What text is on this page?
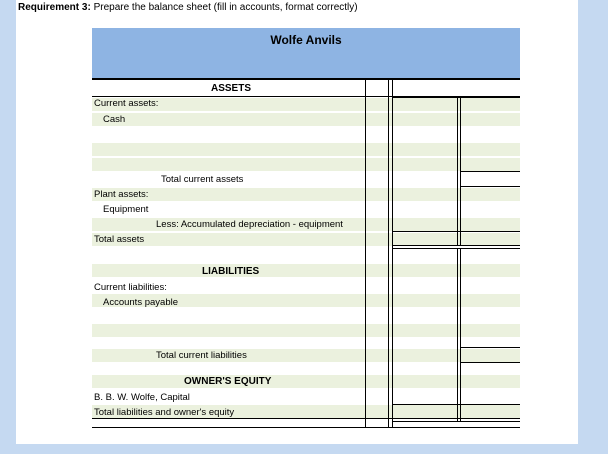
Requirement 3: Prepare the balance sheet (fill in accounts, format correctly)
Wolfe Anvils
ASSETS
Current assets:
Cash
Total current assets
Plant assets:
Equipment
Less: Accumulated depreciation - equipment
Total assets
LIABILITIES
Current liabilities:
Accounts payable
Total current liabilities
OWNER'S EQUITY
B. B. W. Wolfe, Capital
Total liabilities and owner's equity
